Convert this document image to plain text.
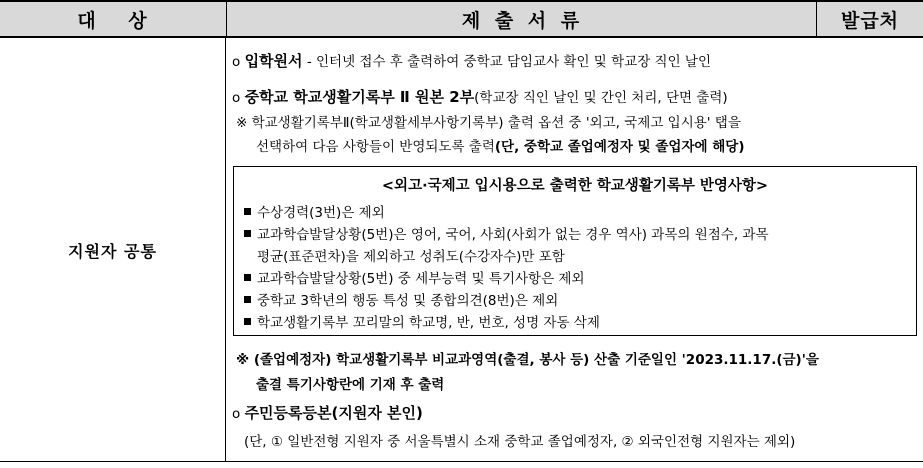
대 상	제 출 서 류	발급처
지원자 공통
o 입학원서 - 인터넷 접수 후 출력하여 중학교 담임교사 확인 및 학교장 직인 날인
o 중학교 학교생활기록부 Ⅱ 원본 2부(학교장 직인 날인 및 간인 처리, 단면 출력)
※ 학교생활기록부Ⅱ(학교생활세부사항기록부) 출력 옵션 중 '외고, 국제고 입시용' 탭을
선택하여 다음 사항들이 반영되도록 출력(단, 중학교 졸업예정자 및 졸업자에 해당)
<외고·국제고 입시용으로 출력한 학교생활기록부 반영사항>
수상경력(3번)은 제외
교과학습발달상황(5번)은 영어, 국어, 사회(사회가 없는 경우 역사) 과목의 원점수, 과목
평균(표준편차)을 제외하고 성취도(수강자수)만 포함
교과학습발달상황(5번) 중 세부능력 및 특기사항은 제외
중학교 3학년의 행동 특성 및 종합의견(8번)은 제외
학교생활기록부 꼬리말의 학교명, 반, 번호, 성명 자동 삭제
※ (졸업예정자) 학교생활기록부 비교과영역(출결, 봉사 등) 산출 기준일인 '2023.11.17.(금)'을
출결 특기사항란에 기재 후 출력
o 주민등록등본(지원자 본인)
(단, ① 일반전형 지원자 중 서울특별시 소재 중학교 졸업예정자, ② 외국인전형 지원자는 제외)
